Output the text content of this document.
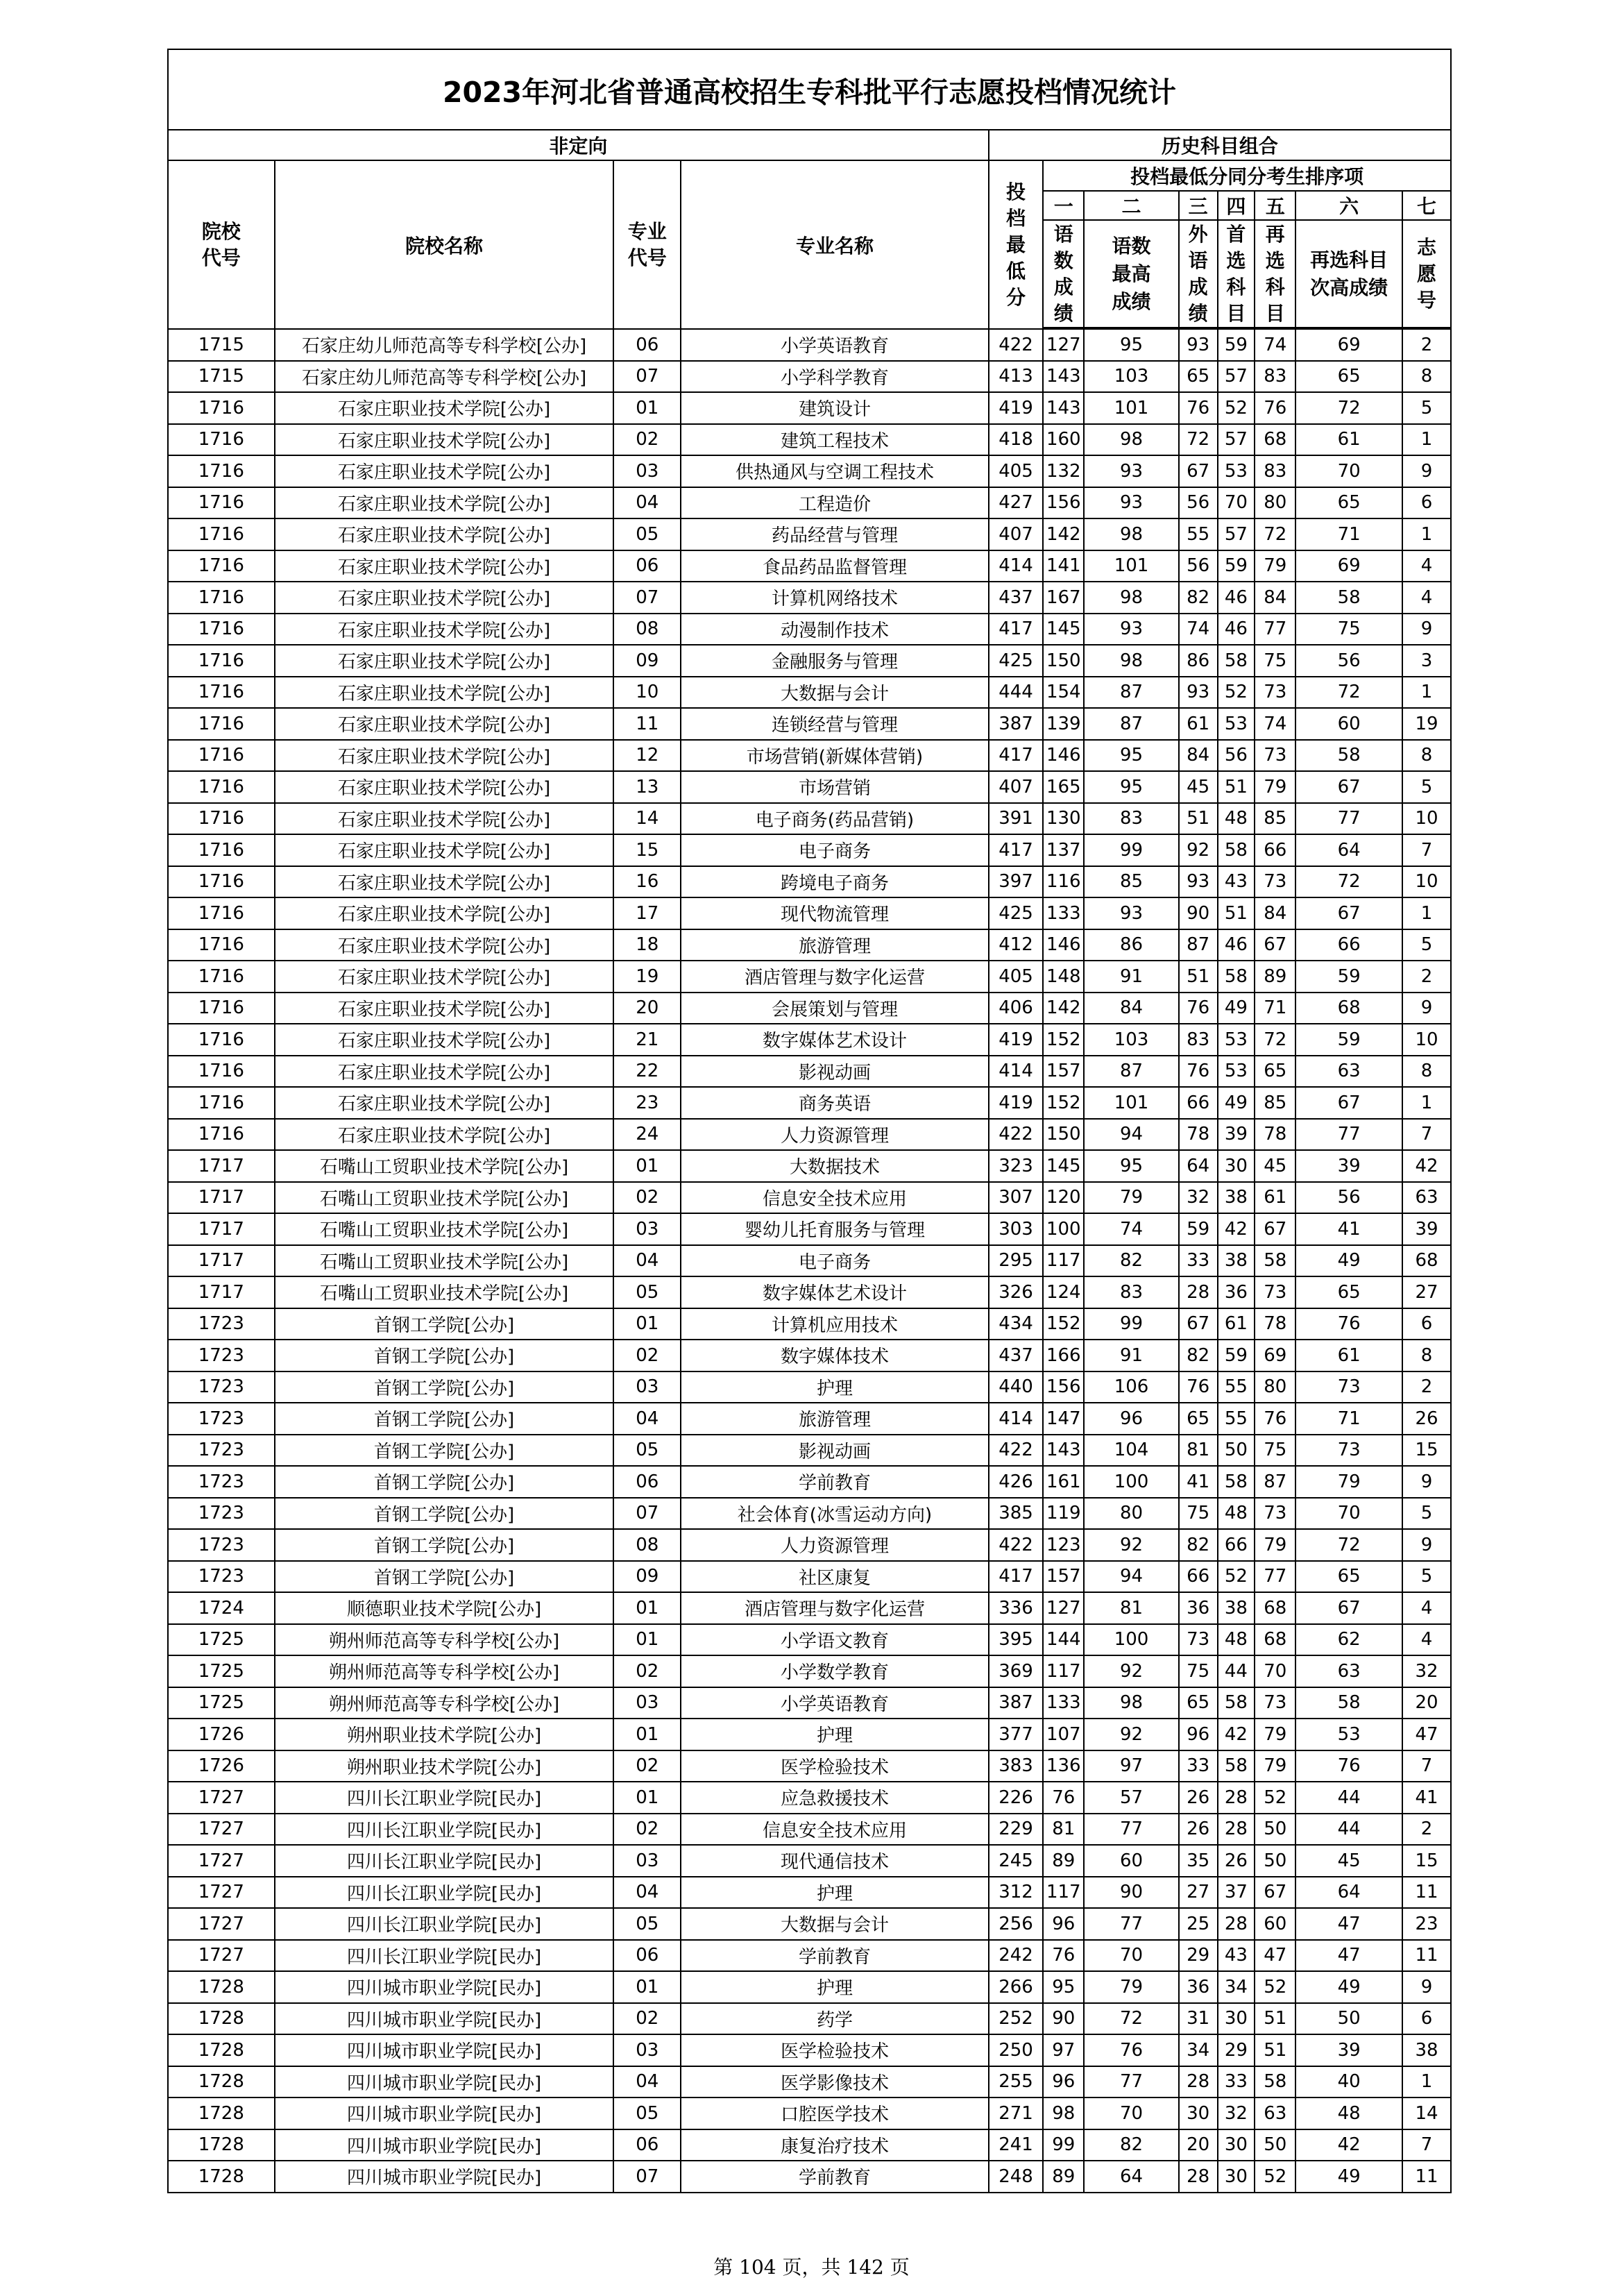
2023年河北省普通高校招生专科批平行志愿投档情况统计											
非定向				历史科目组合							
院校代号	院校名称	专业代号	专业名称	投档最低分	投档最低分同分考生排序项						
					一	二	三	四	五	六	七
					语数成绩	语数最高成绩	外语成绩	首选科目	再选科目	再选科目次高成绩	志愿号

1715	石家庄幼儿师范高等专科学校[公办]	06	小学英语教育	422	127	95	93	59	74	69	2
1715	石家庄幼儿师范高等专科学校[公办]	07	小学科学教育	413	143	103	65	57	83	65	8
1716	石家庄职业技术学院[公办]	01	建筑设计	419	143	101	76	52	76	72	5
1716	石家庄职业技术学院[公办]	02	建筑工程技术	418	160	98	72	57	68	61	1
1716	石家庄职业技术学院[公办]	03	供热通风与空调工程技术	405	132	93	67	53	83	70	9
1716	石家庄职业技术学院[公办]	04	工程造价	427	156	93	56	70	80	65	6
1716	石家庄职业技术学院[公办]	05	药品经营与管理	407	142	98	55	57	72	71	1
1716	石家庄职业技术学院[公办]	06	食品药品监督管理	414	141	101	56	59	79	69	4
1716	石家庄职业技术学院[公办]	07	计算机网络技术	437	167	98	82	46	84	58	4
1716	石家庄职业技术学院[公办]	08	动漫制作技术	417	145	93	74	46	77	75	9
1716	石家庄职业技术学院[公办]	09	金融服务与管理	425	150	98	86	58	75	56	3
1716	石家庄职业技术学院[公办]	10	大数据与会计	444	154	87	93	52	73	72	1
1716	石家庄职业技术学院[公办]	11	连锁经营与管理	387	139	87	61	53	74	60	19
1716	石家庄职业技术学院[公办]	12	市场营销(新媒体营销)	417	146	95	84	56	73	58	8
1716	石家庄职业技术学院[公办]	13	市场营销	407	165	95	45	51	79	67	5
1716	石家庄职业技术学院[公办]	14	电子商务(药品营销)	391	130	83	51	48	85	77	10
1716	石家庄职业技术学院[公办]	15	电子商务	417	137	99	92	58	66	64	7
1716	石家庄职业技术学院[公办]	16	跨境电子商务	397	116	85	93	43	73	72	10
1716	石家庄职业技术学院[公办]	17	现代物流管理	425	133	93	90	51	84	67	1
1716	石家庄职业技术学院[公办]	18	旅游管理	412	146	86	87	46	67	66	5
1716	石家庄职业技术学院[公办]	19	酒店管理与数字化运营	405	148	91	51	58	89	59	2
1716	石家庄职业技术学院[公办]	20	会展策划与管理	406	142	84	76	49	71	68	9
1716	石家庄职业技术学院[公办]	21	数字媒体艺术设计	419	152	103	83	53	72	59	10
1716	石家庄职业技术学院[公办]	22	影视动画	414	157	87	76	53	65	63	8
1716	石家庄职业技术学院[公办]	23	商务英语	419	152	101	66	49	85	67	1
1716	石家庄职业技术学院[公办]	24	人力资源管理	422	150	94	78	39	78	77	7
1717	石嘴山工贸职业技术学院[公办]	01	大数据技术	323	145	95	64	30	45	39	42
1717	石嘴山工贸职业技术学院[公办]	02	信息安全技术应用	307	120	79	32	38	61	56	63
1717	石嘴山工贸职业技术学院[公办]	03	婴幼儿托育服务与管理	303	100	74	59	42	67	41	39
1717	石嘴山工贸职业技术学院[公办]	04	电子商务	295	117	82	33	38	58	49	68
1717	石嘴山工贸职业技术学院[公办]	05	数字媒体艺术设计	326	124	83	28	36	73	65	27
1723	首钢工学院[公办]	01	计算机应用技术	434	152	99	67	61	78	76	6
1723	首钢工学院[公办]	02	数字媒体技术	437	166	91	82	59	69	61	8
1723	首钢工学院[公办]	03	护理	440	156	106	76	55	80	73	2
1723	首钢工学院[公办]	04	旅游管理	414	147	96	65	55	76	71	26
1723	首钢工学院[公办]	05	影视动画	422	143	104	81	50	75	73	15
1723	首钢工学院[公办]	06	学前教育	426	161	100	41	58	87	79	9
1723	首钢工学院[公办]	07	社会体育(冰雪运动方向)	385	119	80	75	48	73	70	5
1723	首钢工学院[公办]	08	人力资源管理	422	123	92	82	66	79	72	9
1723	首钢工学院[公办]	09	社区康复	417	157	94	66	52	77	65	5
1724	顺德职业技术学院[公办]	01	酒店管理与数字化运营	336	127	81	36	38	68	67	4
1725	朔州师范高等专科学校[公办]	01	小学语文教育	395	144	100	73	48	68	62	4
1725	朔州师范高等专科学校[公办]	02	小学数学教育	369	117	92	75	44	70	63	32
1725	朔州师范高等专科学校[公办]	03	小学英语教育	387	133	98	65	58	73	58	20
1726	朔州职业技术学院[公办]	01	护理	377	107	92	96	42	79	53	47
1726	朔州职业技术学院[公办]	02	医学检验技术	383	136	97	33	58	79	76	7
1727	四川长江职业学院[民办]	01	应急救援技术	226	76	57	26	28	52	44	41
1727	四川长江职业学院[民办]	02	信息安全技术应用	229	81	77	26	28	50	44	2
1727	四川长江职业学院[民办]	03	现代通信技术	245	89	60	35	26	50	45	15
1727	四川长江职业学院[民办]	04	护理	312	117	90	27	37	67	64	11
1727	四川长江职业学院[民办]	05	大数据与会计	256	96	77	25	28	60	47	23
1727	四川长江职业学院[民办]	06	学前教育	242	76	70	29	43	47	47	11
1728	四川城市职业学院[民办]	01	护理	266	95	79	36	34	52	49	9
1728	四川城市职业学院[民办]	02	药学	252	90	72	31	30	51	50	6
1728	四川城市职业学院[民办]	03	医学检验技术	250	97	76	34	29	51	39	38
1728	四川城市职业学院[民办]	04	医学影像技术	255	96	77	28	33	58	40	1
1728	四川城市职业学院[民办]	05	口腔医学技术	271	98	70	30	32	63	48	14
1728	四川城市职业学院[民办]	06	康复治疗技术	241	99	82	20	30	50	42	7
1728	四川城市职业学院[民办]	07	学前教育	248	89	64	28	30	52	49	11
第 104 页，共 142 页
